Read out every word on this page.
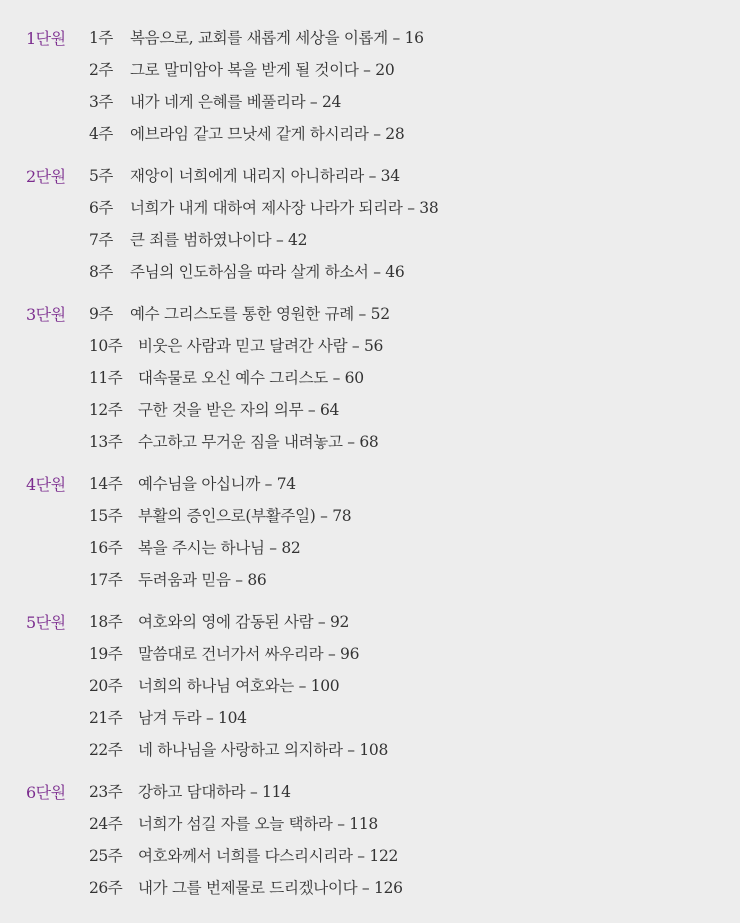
1단원 1주 복음으로, 교회를 새롭게 세상을 이롭게 – 16
2주 그로 말미암아 복을 받게 될 것이다 – 20
3주 내가 네게 은혜를 베풀리라 – 24
4주 에브라임 같고 므낫세 같게 하시리라 – 28
2단원 5주 재앙이 너희에게 내리지 아니하리라 – 34
6주 너희가 내게 대하여 제사장 나라가 되리라 – 38
7주 큰 죄를 범하였나이다 – 42
8주 주님의 인도하심을 따라 살게 하소서 – 46
3단원 9주 예수 그리스도를 통한 영원한 규례 – 52
10주 비웃은 사람과 믿고 달려간 사람 – 56
11주 대속물로 오신 예수 그리스도 – 60
12주 구한 것을 받은 자의 의무 – 64
13주 수고하고 무거운 짐을 내려놓고 – 68
4단원 14주 예수님을 아십니까 – 74
15주 부활의 증인으로(부활주일) – 78
16주 복을 주시는 하나님 – 82
17주 두려움과 믿음 – 86
5단원 18주 여호와의 영에 감동된 사람 – 92
19주 말씀대로 건너가서 싸우리라 – 96
20주 너희의 하나님 여호와는 – 100
21주 남겨 두라 – 104
22주 네 하나님을 사랑하고 의지하라 – 108
6단원 23주 강하고 담대하라 – 114
24주 너희가 섬길 자를 오늘 택하라 – 118
25주 여호와께서 너희를 다스리시리라 – 122
26주 내가 그를 번제물로 드리겠나이다 – 126
